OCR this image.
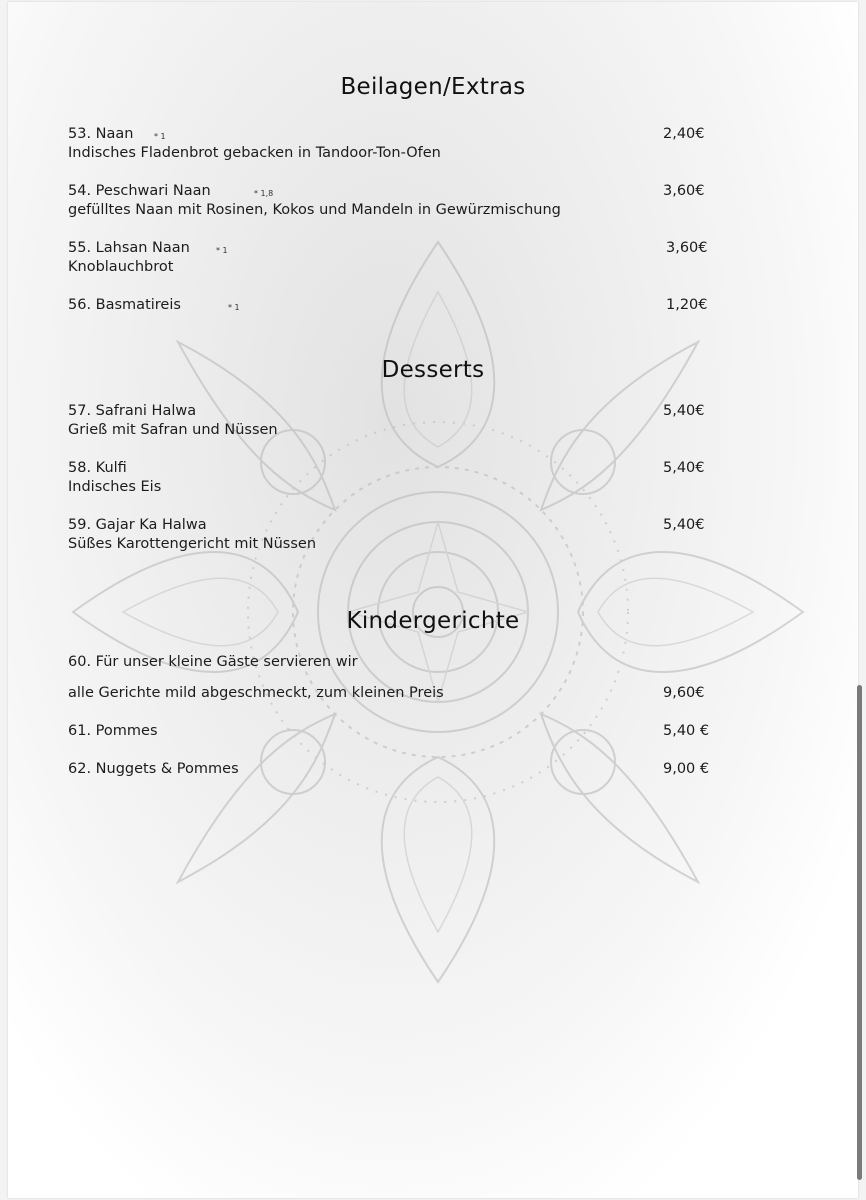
Beilagen/Extras
53. Naan	* 1	2,40€
Indisches Fladenbrot gebacken in Tandoor-Ton-Ofen
54. Peschwari Naan	* 1,8	3,60€
gefülltes Naan mit Rosinen, Kokos und Mandeln in Gewürzmischung
55. Lahsan Naan	* 1	3,60€
Knoblauchbrot
56. Basmatireis	* 1	1,20€
Desserts
57. Safrani Halwa	5,40€
Grieß mit Safran und Nüssen
58. Kulfi	5,40€
Indisches Eis
59. Gajar Ka Halwa	5,40€
Süßes Karottengericht mit Nüssen
Kindergerichte
60. Für unser kleine Gäste servieren wir
alle Gerichte mild abgeschmeckt, zum kleinen Preis	9,60€
61. Pommes	5,40 €
62. Nuggets & Pommes	9,00 €
